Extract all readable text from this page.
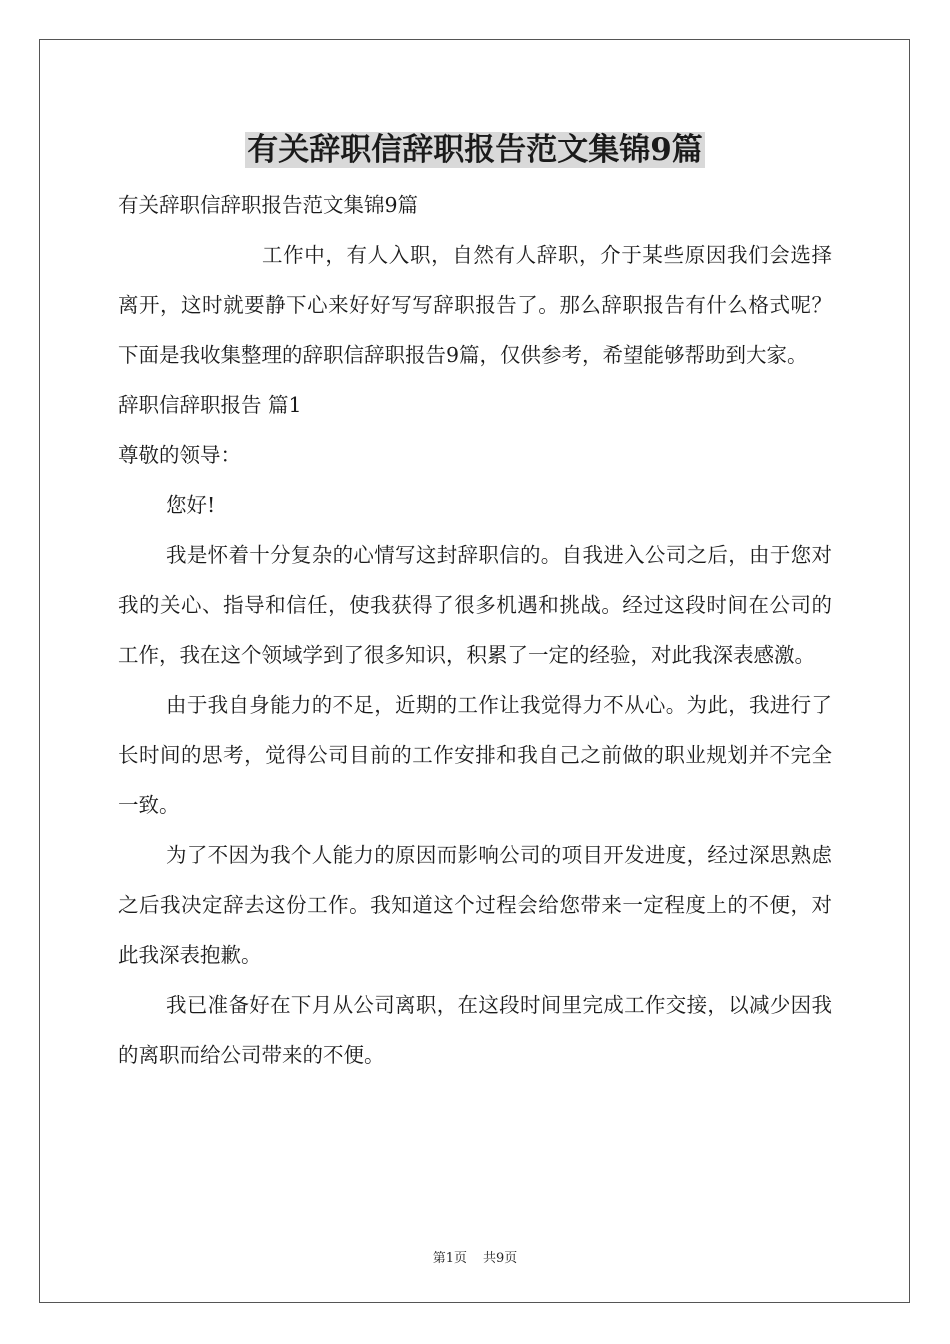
有关辞职信辞职报告范文集锦9篇

有关辞职信辞职报告范文集锦9篇

工作中，有人入职，自然有人辞职，介于某些原因我们会选择离开，这时就要静下心来好好写写辞职报告了。那么辞职报告有什么格式呢？下面是我收集整理的辞职信辞职报告9篇，仅供参考，希望能够帮助到大家。

辞职信辞职报告 篇1

尊敬的领导：

您好!

我是怀着十分复杂的心情写这封辞职信的。自我进入公司之后，由于您对我的关心、指导和信任，使我获得了很多机遇和挑战。经过这段时间在公司的工作，我在这个领域学到了很多知识，积累了一定的经验，对此我深表感激。

由于我自身能力的不足，近期的工作让我觉得力不从心。为此，我进行了长时间的思考，觉得公司目前的工作安排和我自己之前做的职业规划并不完全一致。

为了不因为我个人能力的原因而影响公司的项目开发进度，经过深思熟虑之后我决定辞去这份工作。我知道这个过程会给您带来一定程度上的不便，对此我深表抱歉。

我已准备好在下月从公司离职，在这段时间里完成工作交接，以减少因我的离职而给公司带来的不便。

第1页 共9页
